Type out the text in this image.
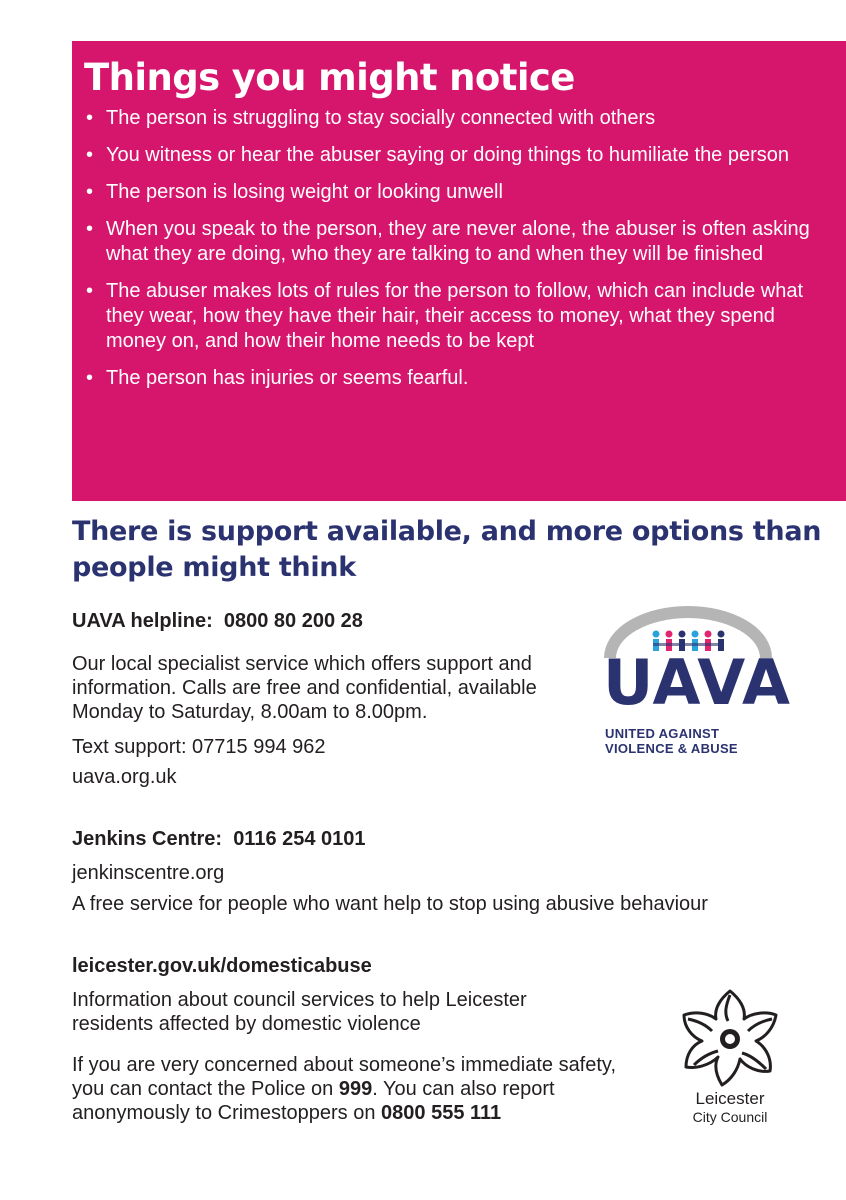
Things you might notice
• The person is struggling to stay socially connected with others
• You witness or hear the abuser saying or doing things to humiliate the person
• The person is losing weight or looking unwell
• When you speak to the person, they are never alone, the abuser is often asking what they are doing, who they are talking to and when they will be finished
• The abuser makes lots of rules for the person to follow, which can include what they wear, how they have their hair, their access to money, what they spend money on, and how their home needs to be kept
• The person has injuries or seems fearful.
There is support available, and more options than people might think

UAVA helpline: 0800 80 200 28

Our local specialist service which offers support and information. Calls are free and confidential, available Monday to Saturday, 8.00am to 8.00pm.

Text support: 07715 994 962

uava.org.uk

UAVA
UNITED AGAINST
VIOLENCE & ABUSE

Jenkins Centre: 0116 254 0101

jenkinscentre.org

A free service for people who want help to stop using abusive behaviour

leicester.gov.uk/domesticabuse

Information about council services to help Leicester residents affected by domestic violence

If you are very concerned about someone’s immediate safety, you can contact the Police on 999. You can also report anonymously to Crimestoppers on 0800 555 111

Leicester
City Council
